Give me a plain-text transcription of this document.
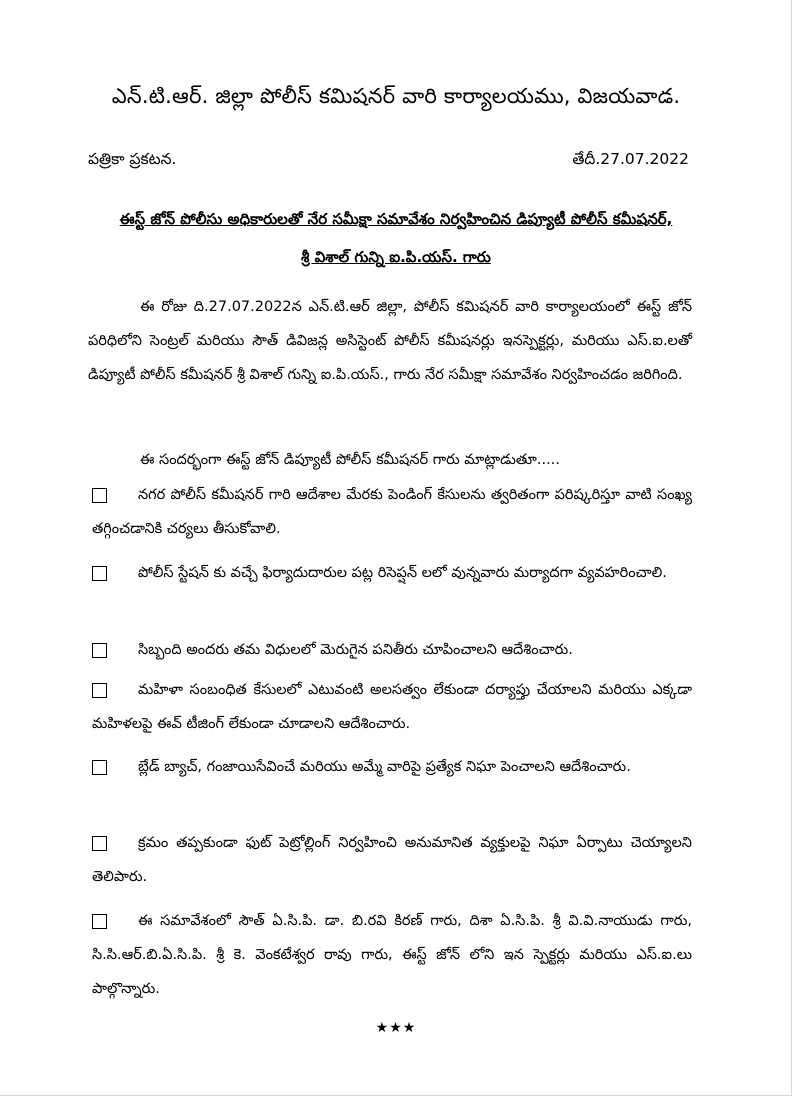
ఎన్.టి.ఆర్. జిల్లా పోలీస్ కమిషనర్ వారి కార్యాలయము, విజయవాడ.
పత్రికా ప్రకటన.	తేదీ.27.07.2022
ఈస్ట్ జోన్ పోలీసు అధికారులతో నేర సమీక్షా సమావేశం నిర్వహించిన డిప్యూటీ పోలీస్ కమీషనర్,
శ్రీ విశాల్ గున్ని ఐ.పి.యస్. గారు
ఈ రోజు ది.27.07.2022న ఎన్.టి.ఆర్ జిల్లా, పోలీస్ కమిషనర్ వారి కార్యాలయంలో ఈస్ట్ జోన్ పరిధిలోని సెంట్రల్ మరియు సౌత్ డివిజన్ల అసిస్టెంట్ పోలీస్ కమీషనర్లు ఇనస్పెక్టర్లు, మరియు ఎస్.ఐ.లతో డిప్యూటీ పోలీస్ కమీషనర్ శ్రీ విశాల్ గున్ని ఐ.పి.యస్., గారు నేర సమీక్షా సమావేశం నిర్వహించడం జరిగింది.
ఈ సందర్భంగా ఈస్ట్ జోన్ డిప్యూటీ పోలీస్ కమీషనర్ గారు మాట్లాడుతూ.....
నగర పోలీస్ కమీషనర్ గారి ఆదేశాల మేరకు పెండింగ్ కేసులను త్వరితంగా పరిష్కరిస్తూ వాటి సంఖ్య తగ్గించడానికి చర్యలు తీసుకోవాలి.
పోలీస్ స్టేషన్ కు వచ్చే ఫిర్యాదుదారుల పట్ల రిసెప్షన్ లలో వున్నవారు మర్యాదగా వ్యవహరించాలి.
సిబ్బంది అందరు తమ విధులలో మెరుగైన పనితీరు చూపించాలని ఆదేశించారు.
మహిళా సంబంధిత కేసులలో ఎటువంటి అలసత్వం లేకుండా దర్యాప్తు చేయాలని మరియు ఎక్కడా మహిళలపై ఈవ్ టీజింగ్ లేకుండా చూడాలని ఆదేశించారు.
బ్లేడ్ బ్యాచ్, గంజాయిసేవించే మరియు అమ్మే వారిపై ప్రత్యేక నిఘా పెంచాలని ఆదేశించారు.
క్రమం తప్పకుండా ఫుట్ పెట్రోల్లింగ్ నిర్వహించి అనుమానిత వ్యక్తులపై నిఘా ఏర్పాటు చెయ్యాలని తెలిపారు.
ఈ సమావేశంలో సౌత్ ఏ.సి.పి. డా. బి.రవి కిరణ్ గారు, దిశా ఏ.సి.పి. శ్రీ వి.వి.నాయుడు గారు, సి.సి.ఆర్.బి.ఏ.సి.పి. శ్రీ కె. వెంకటేశ్వర రావు గారు, ఈస్ట్ జోన్ లోని ఇన స్పెక్టర్లు మరియు ఎస్.ఐ.లు పాల్గొన్నారు.
★★★
